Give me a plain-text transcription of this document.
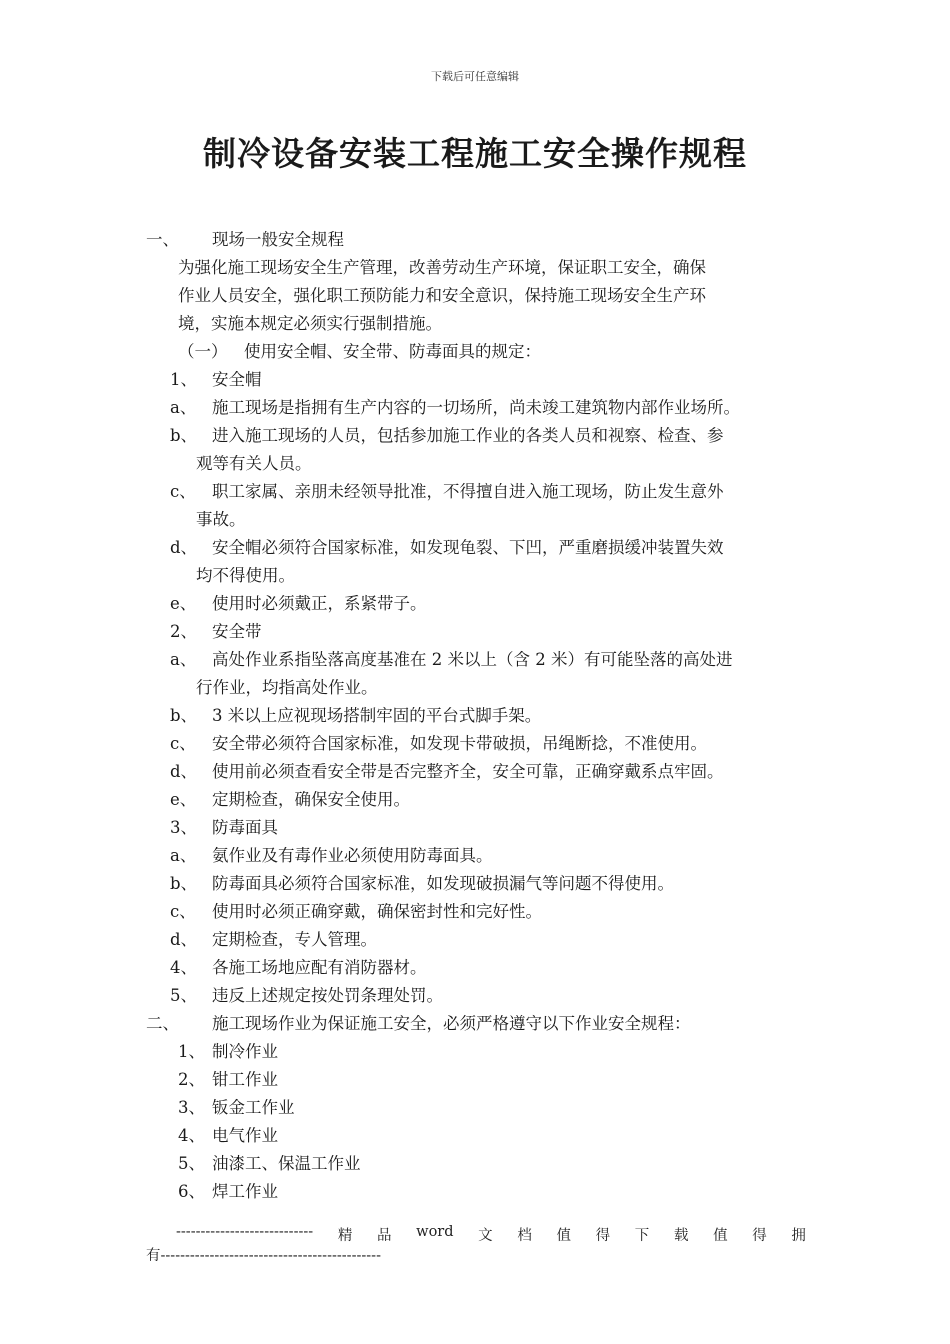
下载后可任意编辑
制冷设备安装工程施工安全操作规程
一、 现场一般安全规程
为强化施工现场安全生产管理，改善劳动生产环境，保证职工安全，确保
作业人员安全，强化职工预防能力和安全意识，保持施工现场安全生产环
境，实施本规定必须实行强制措施。
（一） 使用安全帽、安全带、防毒面具的规定：
1、 安全帽
a、 施工现场是指拥有生产内容的一切场所，尚未竣工建筑物内部作业场所。
b、 进入施工现场的人员，包括参加施工作业的各类人员和视察、检查、参
观等有关人员。
c、 职工家属、亲朋未经领导批准，不得擅自进入施工现场，防止发生意外
事故。
d、 安全帽必须符合国家标准，如发现龟裂、下凹，严重磨损缓冲装置失效
均不得使用。
e、 使用时必须戴正，系紧带子。
2、 安全带
a、 高处作业系指坠落高度基准在 2 米以上（含 2 米）有可能坠落的高处进
行作业，均指高处作业。
b、 3 米以上应视现场搭制牢固的平台式脚手架。
c、 安全带必须符合国家标准，如发现卡带破损，吊绳断捻，不准使用。
d、 使用前必须查看安全带是否完整齐全，安全可靠，正确穿戴系点牢固。
e、 定期检查，确保安全使用。
3、 防毒面具
a、 氨作业及有毒作业必须使用防毒面具。
b、 防毒面具必须符合国家标准，如发现破损漏气等问题不得使用。
c、 使用时必须正确穿戴，确保密封性和完好性。
d、 定期检查，专人管理。
4、 各施工场地应配有消防器材。
5、 违反上述规定按处罚条理处罚。
二、 施工现场作业为保证施工安全，必须严格遵守以下作业安全规程：
1、 制冷作业
2、 钳工作业
3、 钣金工作业
4、 电气作业
5、 油漆工、保温工作业
6、 焊工作业
---------------------------- 精 品 word 文 档 值 得 下 载 值 得 拥
有---------------------------------------------
